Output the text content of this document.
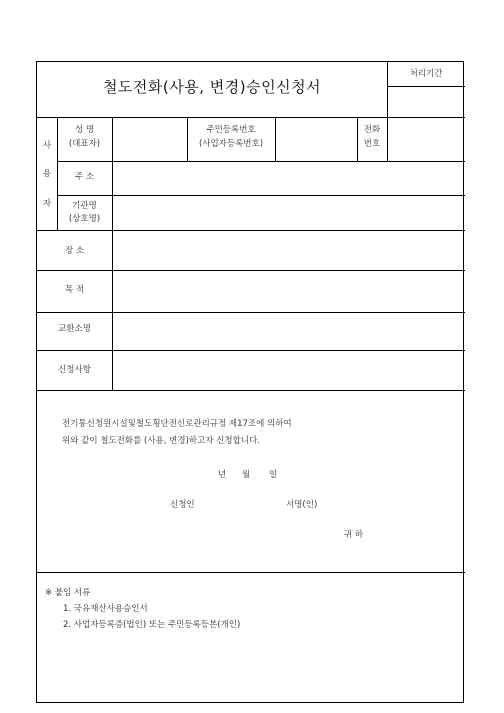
철도전화(사용, 변경)승인신청서
처리기간
사
용
자
성 명
(대표자)
주민등록번호
(사업자등록번호)
전화
번호
주 소
기관명
(상호명)
장 소
목 적
교환소명
신청사항
전기통신청원시설및철도횡단전신로관리규정 제17조에 의하여
위와 같이 철도전화를 (사용, 변경)하고자 신청합니다.
년 월 일
신청인	서명(인)
귀 하
※ 붙임 서류
1. 국유재산사용승인서
2. 사업자등록증(법인) 또는 주민등록등본(개인)
